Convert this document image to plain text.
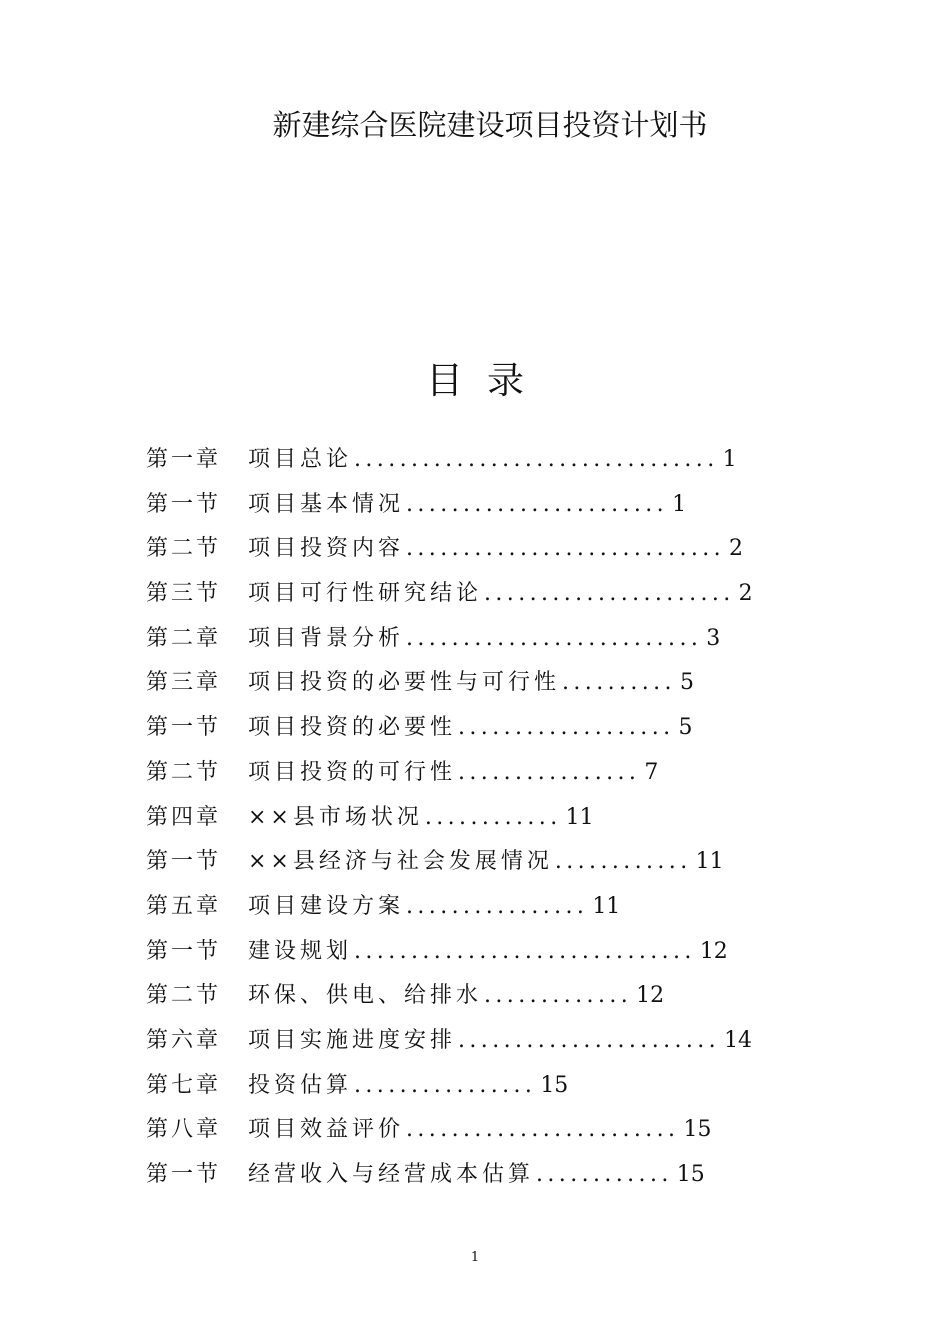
新建综合医院建设项目投资计划书
目 录
第一章	项目总论 ................................ 1
第一节	项目基本情况 ....................... 1
第二节	项目投资内容 ............................ 2
第三节	项目可行性研究结论 ...................... 2
第二章	项目背景分析 .......................... 3
第三章	项目投资的必要性与可行性 .......... 5
第一节	项目投资的必要性 ................... 5
第二节	项目投资的可行性 ................ 7
第四章	××县市场状况 ............ 11
第一节	××县经济与社会发展情况 ............ 11
第五章	项目建设方案 ................ 11
第一节	建设规划 .............................. 12
第二节	环保、供电、给排水 ............. 12
第六章	项目实施进度安排 ....................... 14
第七章	投资估算 ................ 15
第八章	项目效益评价 ........................ 15
第一节	经营收入与经营成本估算 ............ 15
1
